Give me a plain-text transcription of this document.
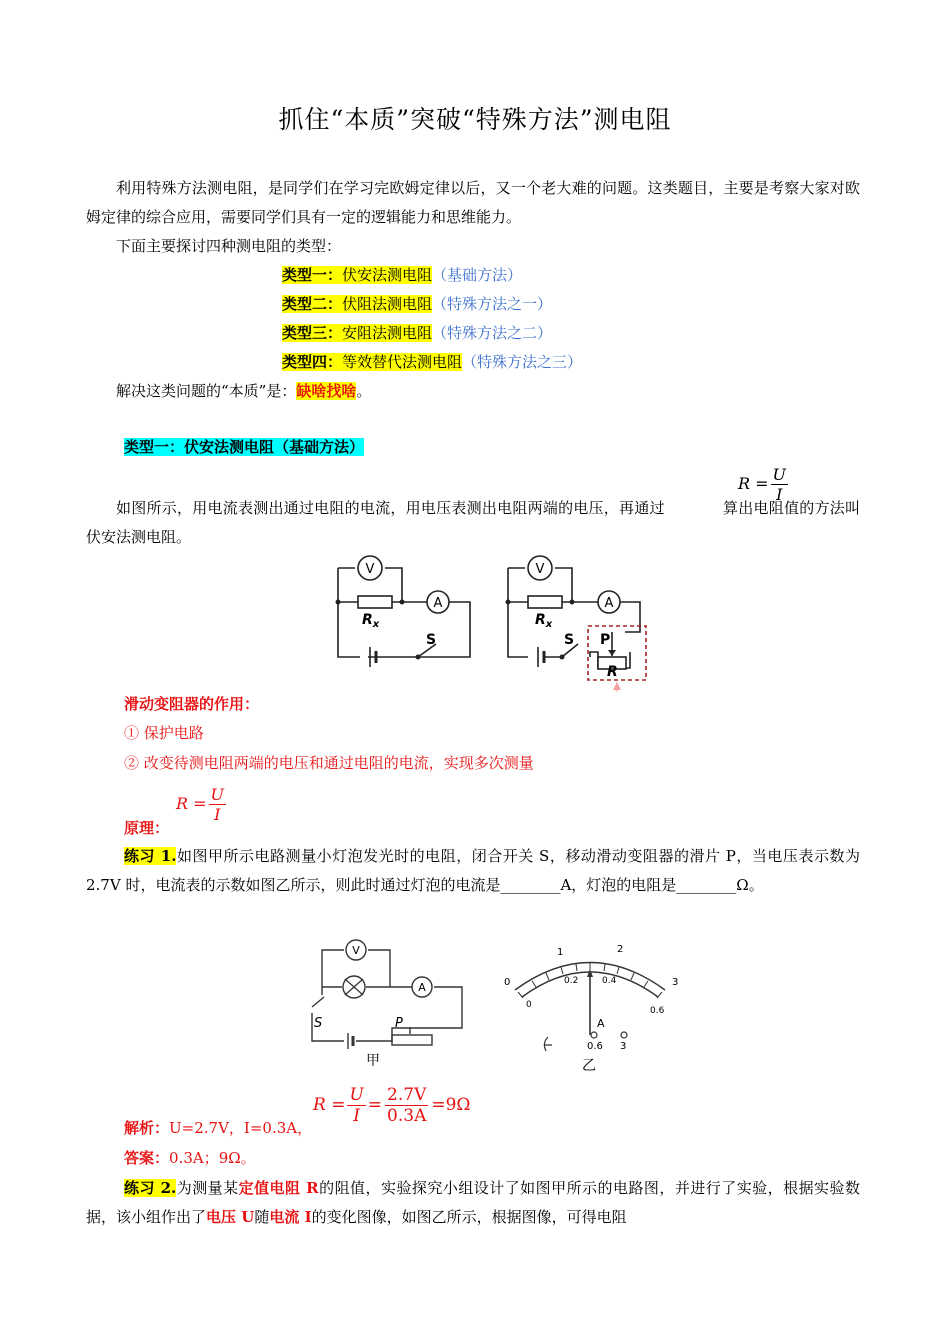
抓住“本质”突破“特殊方法”测电阻
利用特殊方法测电阻，是同学们在学习完欧姆定律以后，又一个老大难的问题。这类题目，主要是考察大家对欧姆定律的综合应用，需要同学们具有一定的逻辑能力和思维能力。
下面主要探讨四种测电阻的类型：
类型一：伏安法测电阻（基础方法）
类型二：伏阻法测电阻（特殊方法之一）
类型三：安阻法测电阻（特殊方法之二）
类型四：等效替代法测电阻（特殊方法之三）
解决这类问题的“本质”是：缺啥找啥。
类型一：伏安法测电阻（基础方法）
$R = \frac{U}{I}$
如图所示，用电流表测出通过电阻的电流，用电压表测出电阻两端的电压，再通过	算出电阻值的方法叫伏安法测电阻。
V
A
V
A
$R_x$	$R_x$
S	S P
R
滑动变阻器的作用：
① 保护电路
② 改变待测电阻两端的电压和通过电阻的电流，实现多次测量
$R = \frac{U}{I}$
原理：
练习 1.如图甲所示电路测量小灯泡发光时的电阻，闭合开关 S，移动滑动变阻器的滑片 P，当电压表示数为 2.7V 时，电流表的示数如图乙所示，则此时通过灯泡的电流是________A，灯泡的电阻是________Ω。
V
A
S	P
甲
0
1	2
3
0
0.2	0.4
0.6
A
0.6 3
乙
$R = \frac{U}{I} = \frac{2.7V}{0.3A} =9\Omega$
解析：U=2.7V，I=0.3A，
答案：0.3A；9Ω。
练习 2.为测量某定值电阻 R的阻值，实验探究小组设计了如图甲所示的电路图，并进行了实验，根据实验数据，该小组作出了电压 U随电流 I的变化图像，如图乙所示，根据图像，可得电阻
